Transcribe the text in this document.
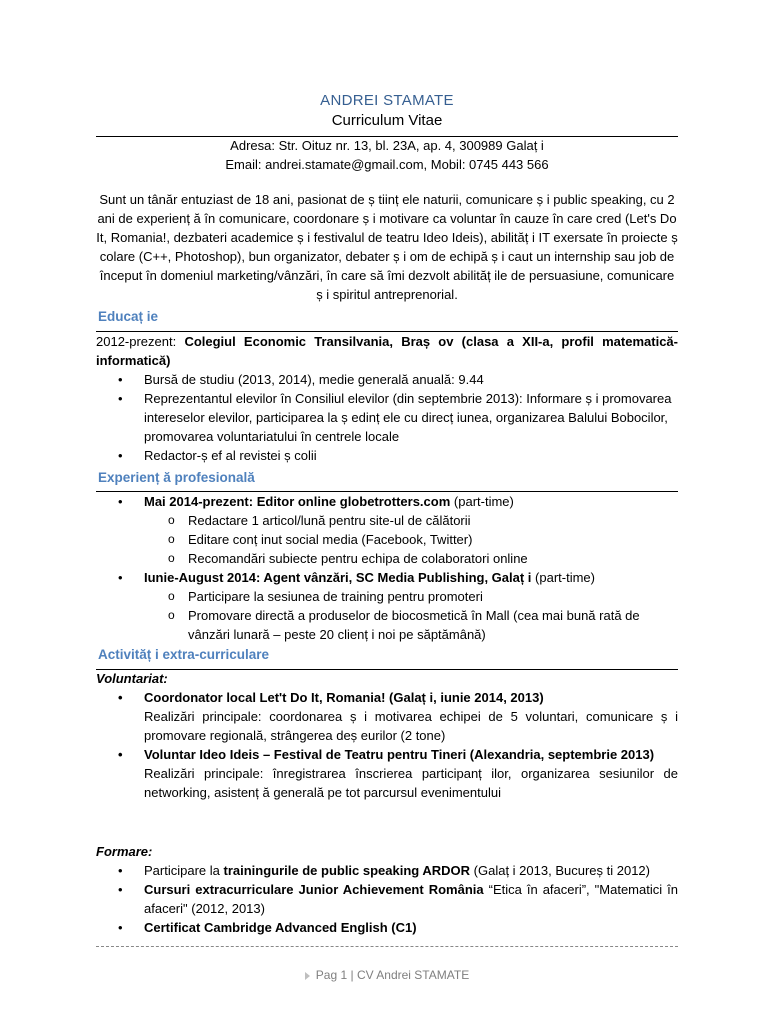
ANDREI STAMATE
Curriculum Vitae
Adresa: Str. Oituz nr. 13, bl. 23A, ap. 4, 300989 Galaț i
Email: andrei.stamate@gmail.com, Mobil: 0745 443 566
Sunt un tânăr entuziast de 18 ani, pasionat de ș tiinț ele naturii, comunicare ș i public speaking, cu 2 ani de experienț ă în comunicare, coordonare ș i motivare ca voluntar în cauze în care cred (Let's Do It, Romania!, dezbateri academice ș i festivalul de teatru Ideo Ideis), abilităț i IT exersate în proiecte ș colare (C++, Photoshop), bun organizator, debater ș i om de echipă ș i caut un internship sau job de început în domeniul marketing/vânzări, în care să îmi dezvolt abilităț ile de persuasiune, comunicare ș i spiritul antreprenorial.
Educaț ie
2012-prezent: Colegiul Economic Transilvania, Braș ov (clasa a XII-a, profil matematică-informatică)
• Bursă de studiu (2013, 2014), medie generală anuală: 9.44
• Reprezentantul elevilor în Consiliul elevilor (din septembrie 2013): Informare ș i promovarea intereselor elevilor, participarea la ș edinț ele cu direcț iunea, organizarea Balului Bobocilor, promovarea voluntariatului în centrele locale
• Redactor-ș ef al revistei ș colii
Experienț ă profesională
• Mai 2014-prezent: Editor online globetrotters.com (part-time)
o Redactare 1 articol/lună pentru site-ul de călătorii
o Editare conț inut social media (Facebook, Twitter)
o Recomandări subiecte pentru echipa de colaboratori online
• Iunie-August 2014: Agent vânzări, SC Media Publishing, Galaț i (part-time)
o Participare la sesiunea de training pentru promoteri
o Promovare directă a produselor de biocosmetică în Mall (cea mai bună rată de vânzări lunară – peste 20 clienț i noi pe săptămână)
Activităț i extra-curriculare
Voluntariat:
• Coordonator local Let't Do It, Romania! (Galaț i, iunie 2014, 2013)
Realizări principale: coordonarea ș i motivarea echipei de 5 voluntari, comunicare ș i promovare regională, strângerea deș eurilor (2 tone)
• Voluntar Ideo Ideis – Festival de Teatru pentru Tineri (Alexandria, septembrie 2013)
Realizări principale: înregistrarea înscrierea participanț ilor, organizarea sesiunilor de networking, asistenț ă generală pe tot parcursul evenimentului
Formare:
• Participare la trainingurile de public speaking ARDOR (Galaț i 2013, Bucureș ti 2012)
• Cursuri extracurriculare Junior Achievement România “Etica în afaceri”, "Matematici în afaceri" (2012, 2013)
• Certificat Cambridge Advanced English (C1)
Pag 1 | CV Andrei STAMATE
